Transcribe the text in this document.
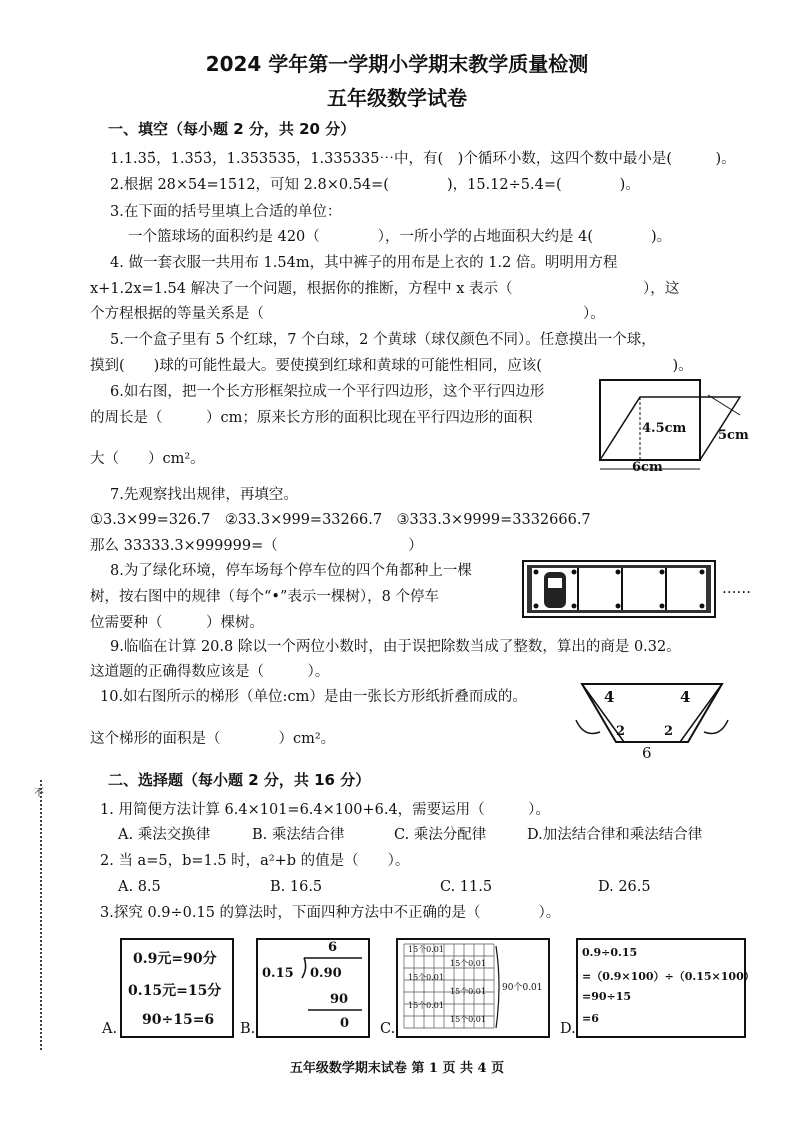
2024 学年第一学期小学期末教学质量检测
五年级数学试卷
一、填空（每小题 2 分，共 20 分）
1.1.35̇，1.35̇3̇，1.353535，1.335335⋯中，有(　)个循环小数，这四个数中最小是(　　　)。
2.根据 28×54=1512，可知 2.8×0.54=(　　　　)，15.12÷5.4=(　　　　)。
3.在下面的括号里填上合适的单位：
一个篮球场的面积约是 420（　　　　），一所小学的占地面积大约是 4(　　　　)。
4. 做一套衣服一共用布 1.54m，其中裤子的用布是上衣的 1.2 倍。明明用方程
x+1.2x=1.54 解决了一个问题，根据你的推断，方程中 x 表示（　　　　　　　　　），这
个方程根据的等量关系是（　　　　　　　　　　　　　　　　　　　　　　）。
5.一个盒子里有 5 个红球，7 个白球，2 个黄球（球仅颜色不同）。任意摸出一个球，
摸到(　　)球的可能性最大。要使摸到红球和黄球的可能性相同，应该(　　　　　　　　　)。
6.如右图，把一个长方形框架拉成一个平行四边形，这个平行四边形
的周长是（　　　）cm；原来长方形的面积比现在平行四边形的面积
大（　　）cm²。
4.5cm 5cm
6cm
7.先观察找出规律，再填空。
①3.3×99=326.7　②33.3×999=33266.7　③333.3×9999=3332666.7
那么 33333.3×999999=（　　　　　　　　　）
8.为了绿化环境，停车场每个停车位的四个角都种上一棵
树，按右图中的规律（每个“•”表示一棵树），8 个停车
位需要种（　　　）棵树。
……
9.临临在计算 20.8 除以一个两位小数时，由于误把除数当成了整数，算出的商是 0.32。
这道题的正确得数应该是（　　　）。
10.如右图所示的梯形（单位:cm）是由一张长方形纸折叠而成的。
这个梯形的面积是（　　　　）cm²。
4	4
2	2
6
二、选择题（每小题 2 分，共 16 分）
1. 用简便方法计算 6.4×101=6.4×100+6.4，需要运用（　　　）。
A. 乘法交换律	B. 乘法结合律	C. 乘法分配律	D.加法结合律和乘法结合律
2. 当 a=5，b=1.5 时，a²+b 的值是（　　）。
A. 8.5	B. 16.5	C. 11.5	D. 26.5
3.探究 0.9÷0.15 的算法时，下面四种方法中不正确的是（　　　　）。
A.
0.9元=90分
0.15元=15分
90÷15=6
B.
6
0.15 0.90
90
0 C.
15个0.01
15个0.01
15个0.01
15个0.01
15个0.01
15个0.01
90个0.01
D.
0.9÷0.15
=（0.9×100）÷（0.15×100）
=90÷15
=6
不
五年级数学期末试卷 第 1 页 共 4 页
